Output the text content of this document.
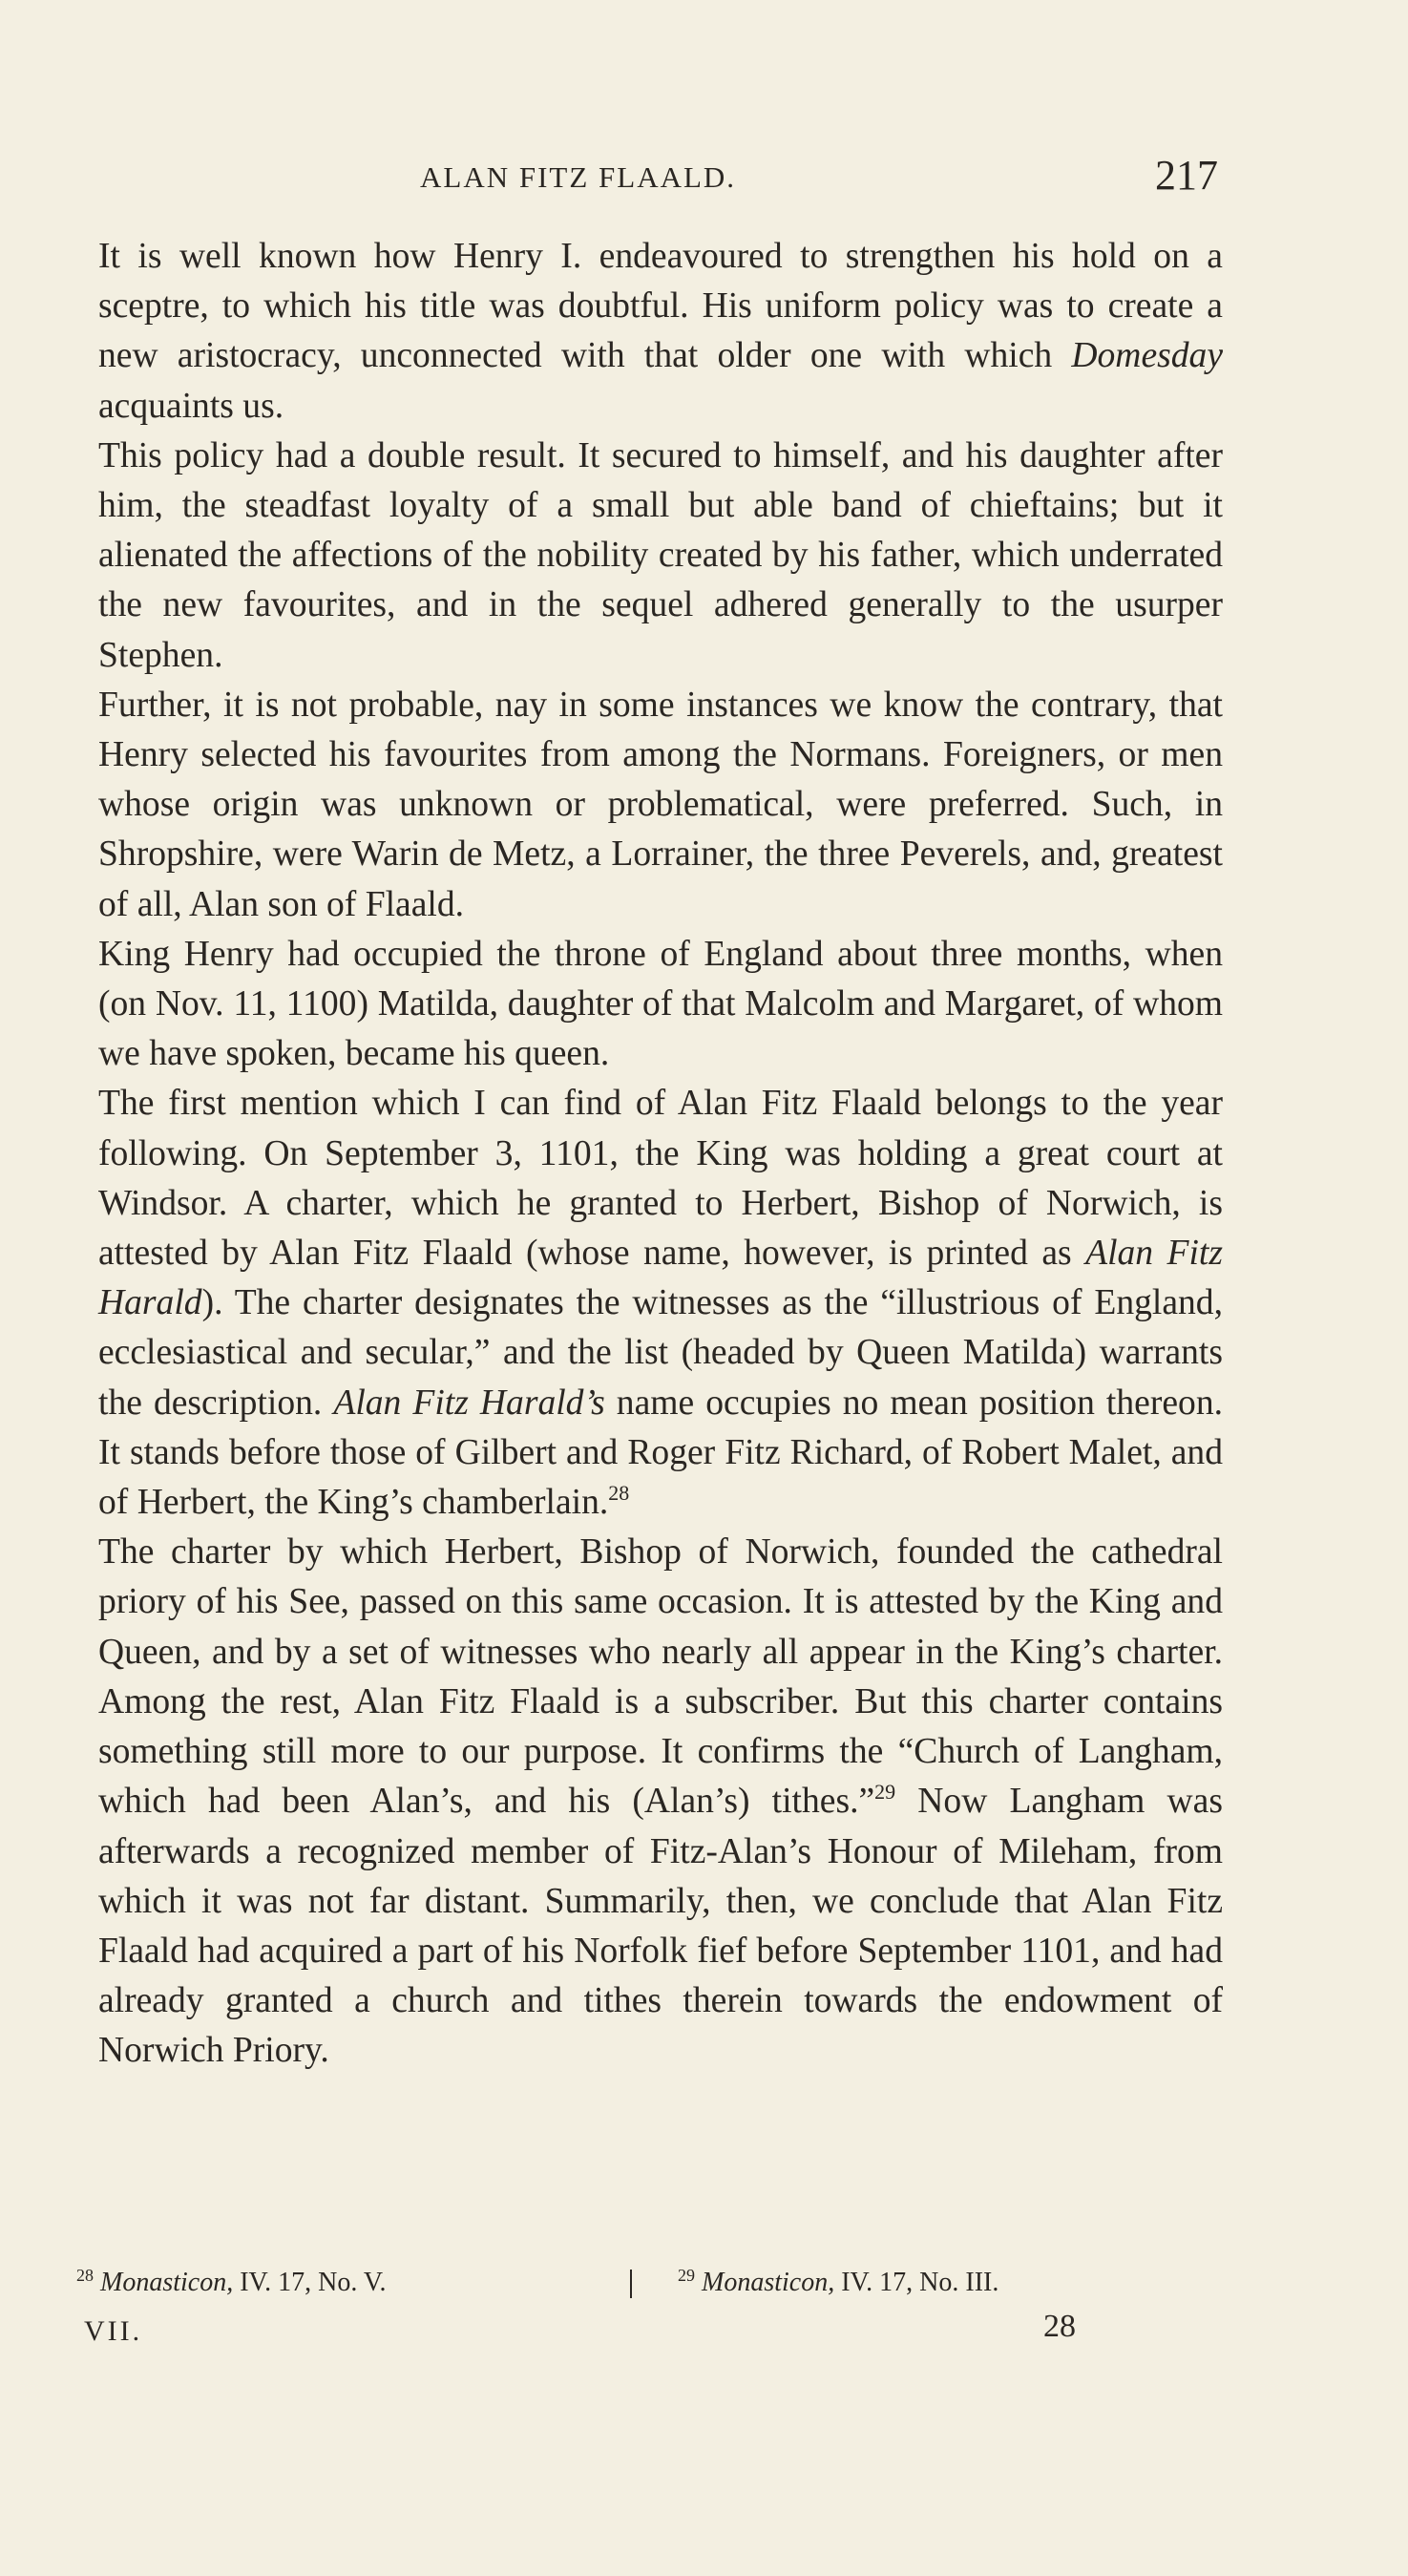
ALAN FITZ FLAALD.	217

It is well known how Henry I. endeavoured to strengthen his hold on a sceptre, to which his title was doubtful. His uniform policy was to create a new aristocracy, unconnected with that older one with which Domesday acquaints us.

This policy had a double result. It secured to himself, and his daughter after him, the steadfast loyalty of a small but able band of chieftains; but it alienated the affections of the nobility created by his father, which underrated the new favourites, and in the sequel adhered generally to the usurper Stephen.

Further, it is not probable, nay in some instances we know the contrary, that Henry selected his favourites from among the Normans. Foreigners, or men whose origin was unknown or problematical, were preferred. Such, in Shropshire, were Warin de Metz, a Lorrainer, the three Peverels, and, greatest of all, Alan son of Flaald.

King Henry had occupied the throne of England about three months, when (on Nov. 11, 1100) Matilda, daughter of that Malcolm and Margaret, of whom we have spoken, became his queen.

The first mention which I can find of Alan Fitz Flaald belongs to the year following. On September 3, 1101, the King was holding a great court at Windsor. A charter, which he granted to Herbert, Bishop of Norwich, is attested by Alan Fitz Flaald (whose name, however, is printed as Alan Fitz Harald). The charter designates the witnesses as the “illustrious of England, ecclesiastical and secular,” and the list (headed by Queen Matilda) warrants the description. Alan Fitz Harald’s name occupies no mean position thereon. It stands before those of Gilbert and Roger Fitz Richard, of Robert Malet, and of Herbert, the King’s chamberlain.$^{28}$

The charter by which Herbert, Bishop of Norwich, founded the cathedral priory of his See, passed on this same occasion. It is attested by the King and Queen, and by a set of witnesses who nearly all appear in the King’s charter. Among the rest, Alan Fitz Flaald is a subscriber. But this charter contains something still more to our purpose. It confirms the “Church of Langham, which had been Alan’s, and his (Alan’s) tithes.”$^{29}$ Now Langham was afterwards a recognized member of Fitz-Alan’s Honour of Mileham, from which it was not far distant. Summarily, then, we conclude that Alan Fitz Flaald had acquired a part of his Norfolk fief before September 1101, and had already granted a church and tithes therein towards the endowment of Norwich Priory.

$^{28}$ Monasticon, IV. 17, No. V.	$^{29}$ Monasticon, IV. 17, No. III.
VII.	28
